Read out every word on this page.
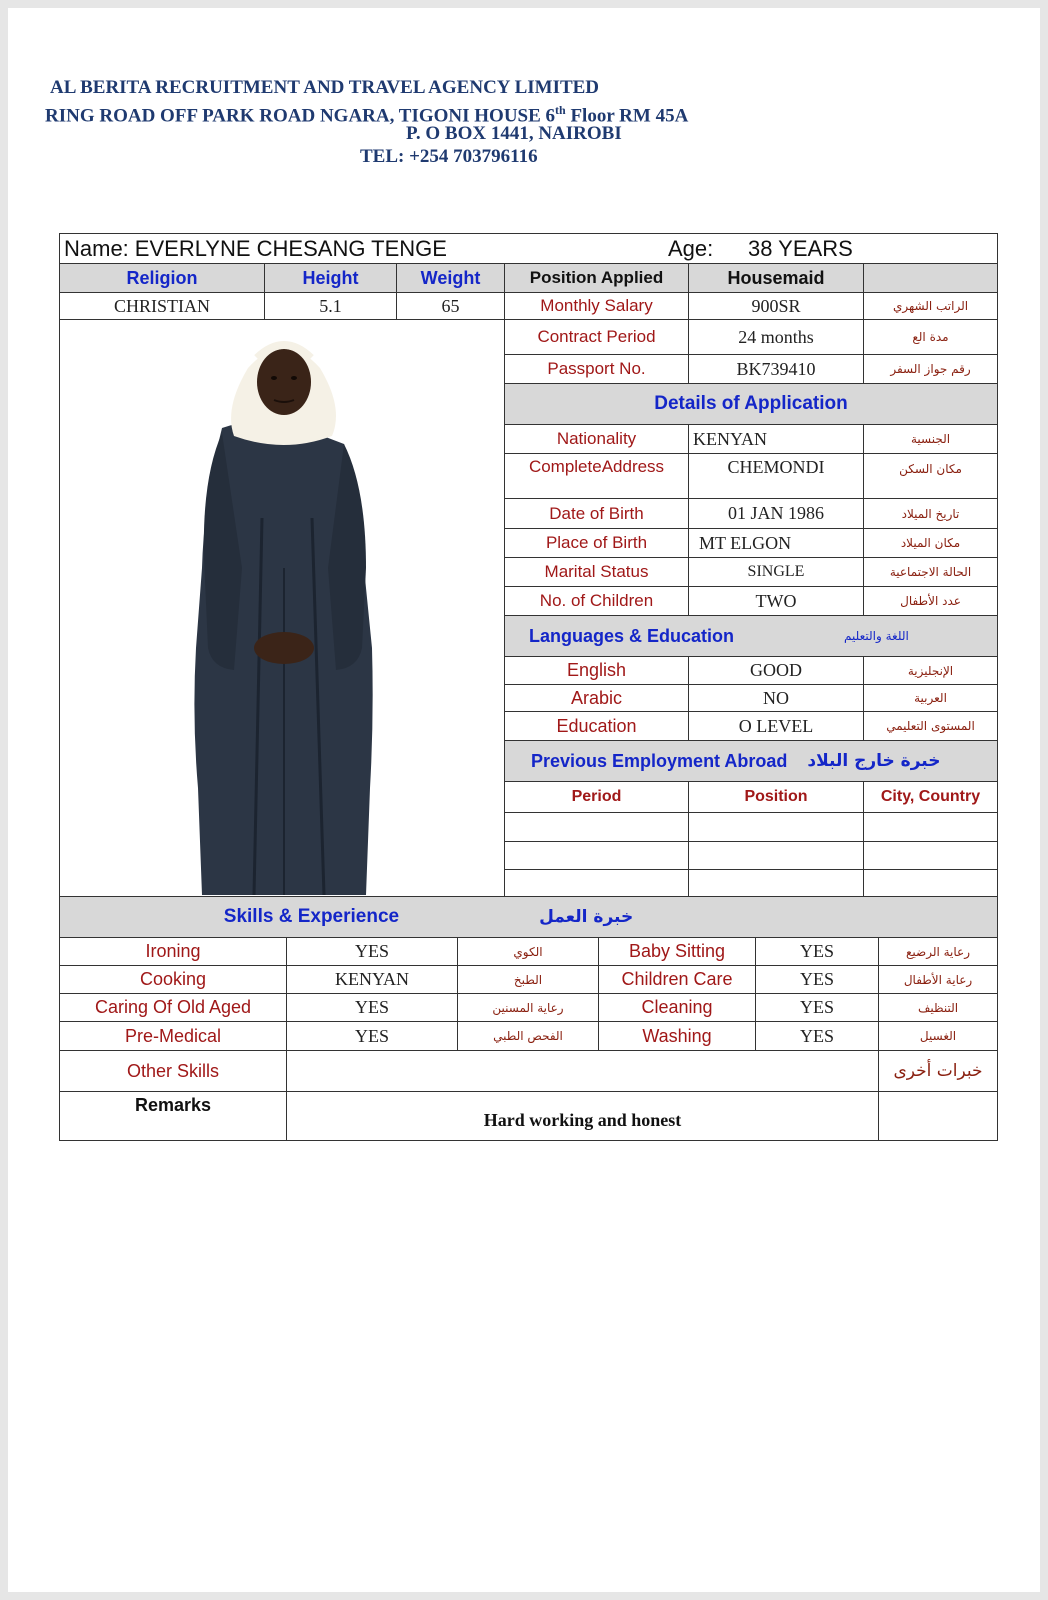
AL BERITA RECRUITMENT AND TRAVEL AGENCY LIMITED
RING ROAD OFF PARK ROAD NGARA, TIGONI HOUSE 6th Floor RM 45A
P. O BOX 1441, NAIROBI
TEL: +254 703796116
Name: EVERLYNE CHESANG TENGE	Age: 38 YEARS
Religion	Height	Weight	Position Applied	Housemaid
CHRISTIAN	5.1	65	Monthly Salary	900SR	الراتب الشهري
Contract Period	24 months	مدة الع
Passport No.	BK739410	رقم جواز السفر
Details of Application
Nationality	KENYAN	الجنسية
CompleteAddress	CHEMONDI	مكان السكن
Date of Birth	01 JAN 1986	تاريخ الميلاد
Place of Birth	MT ELGON	مكان الميلاد
Marital Status	SINGLE	الحالة الاجتماعية
No. of Children	TWO	عدد الأطفال
Languages & Education	اللغة والتعليم
English	GOOD	الإنجليزية
Arabic	NO	العربية
Education	O LEVEL	المستوى التعليمي
Previous Employment Abroad خبرة خارج البلاد
Period	Position	City, Country
Skills & Experience	خبرة العمل
Ironing	YES	الكوي	Baby Sitting	YES	رعاية الرضيع
Cooking	KENYAN	الطبخ	Children Care	YES	رعاية الأطفال
Caring Of Old Aged	YES	رعاية المسنين	Cleaning	YES	التنظيف
Pre-Medical	YES	الفحص الطبي	Washing	YES	الغسيل
Other Skills	خبرات أخرى
Remarks
Hard working and honest
